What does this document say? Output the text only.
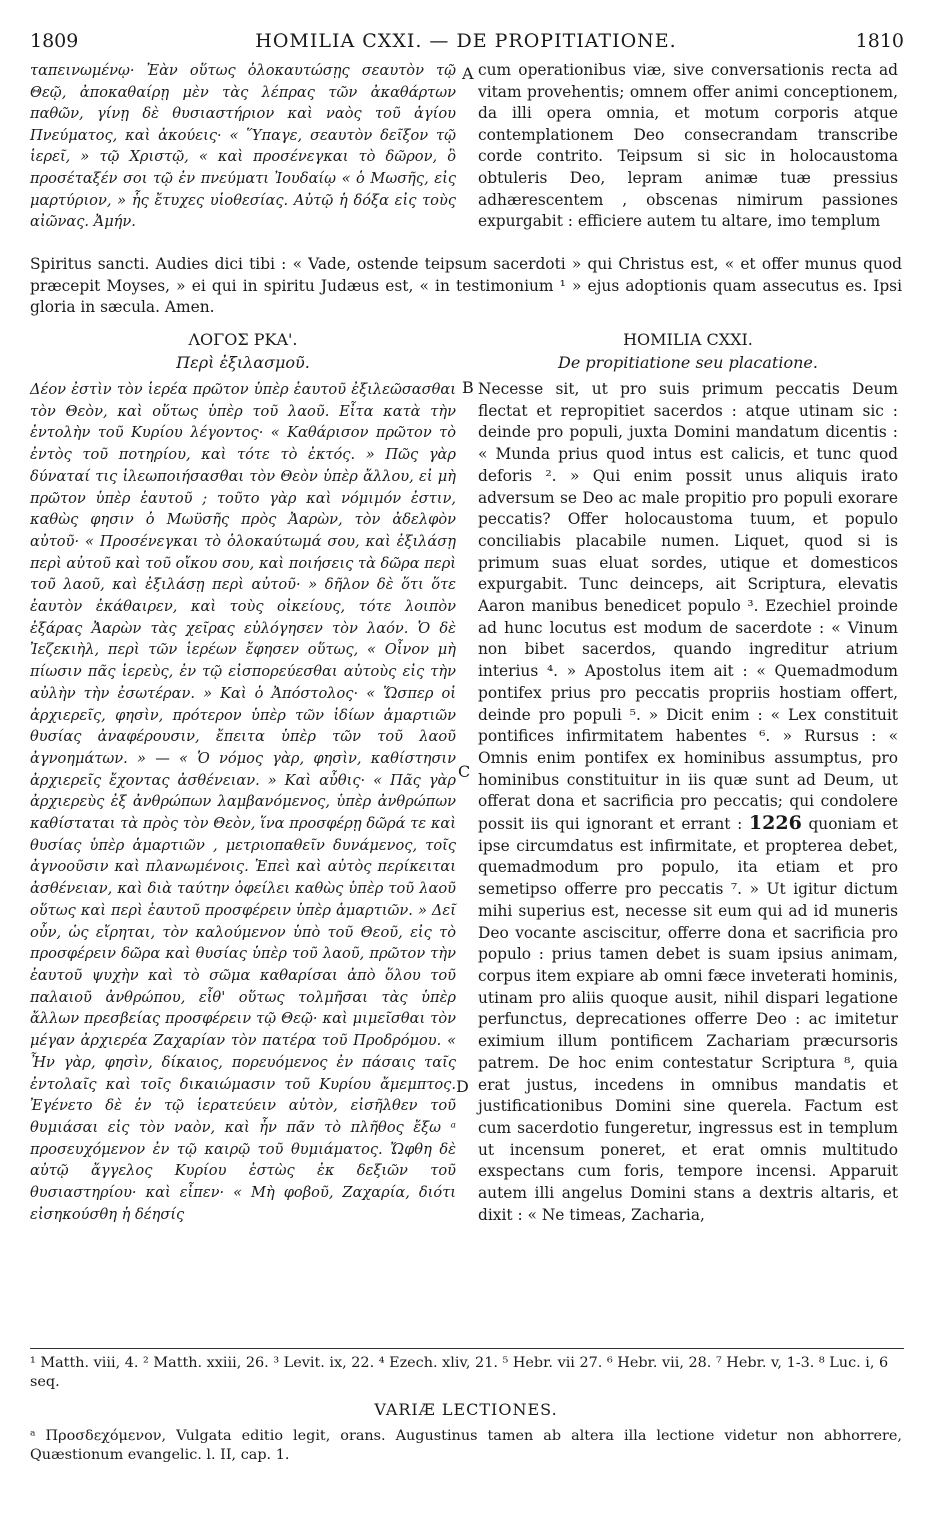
1809	HOMILIA CXXI. — DE PROPITIATIONE.	1810
ταπεινωμένῳ· Ἐὰν οὕτως ὁλοκαυτώσῃς σεαυτὸν τῷ Θεῷ, ἀποκαθαίρῃ μὲν τὰς λέπρας τῶν ἀκαθάρτων παθῶν, γίνῃ δὲ θυσιαστήριον καὶ ναὸς τοῦ ἁγίου Πνεύματος, καὶ ἀκούεις· « Ὕπαγε, σεαυτὸν δεῖξον τῷ ἱερεῖ, » τῷ Χριστῷ, « καὶ προσένεγκαι τὸ δῶρον, ὃ προσέταξέν σοι τῷ ἐν πνεύματι Ἰουδαίῳ « ὁ Μωσῆς, εἰς μαρτύριον, » ἧς ἔτυχες υἱοθεσίας. Αὐτῷ ἡ δόξα εἰς τοὺς αἰῶνας. Ἀμήν.
A cum operationibus viæ, sive conversationis recta ad vitam provehentis; omnem offer animi conceptionem, da illi opera omnia, et motum corporis atque contemplationem Deo consecrandam transcribe corde contrito. Teipsum si sic in holocaustoma obtuleris Deo, lepram animæ tuæ pressius adhærescentem , obscenas nimirum passiones expurgabit : efficiere autem tu altare, imo templum
Spiritus sancti. Audies dici tibi : « Vade, ostende teipsum sacerdoti » qui Christus est, « et offer munus quod præcepit Moyses, » ei qui in spiritu Judæus est, « in testimonium ¹ » ejus adoptionis quam assecutus es. Ipsi gloria in sæcula. Amen.
ΛΟΓΟΣ ΡΚΑ'.
Περὶ ἐξιλασμοῦ.
HOMILIA CXXI.
De propitiatione seu placatione.
Δέον ἐστὶν τὸν ἱερέα πρῶτον ὑπὲρ ἑαυτοῦ ἐξιλεῶσασθαι τὸν Θεὸν, καὶ οὕτως ὑπὲρ τοῦ λαοῦ. Εἶτα κατὰ τὴν ἐντολὴν τοῦ Κυρίου λέγοντος· « Καθάρισον πρῶτον τὸ ἐντὸς τοῦ ποτηρίου, καὶ τότε τὸ ἐκτός. » Πῶς γὰρ δύναταί τις ἱλεωποιήσασθαι τὸν Θεὸν ὑπὲρ ἄλλου, εἰ μὴ πρῶτον ὑπὲρ ἑαυτοῦ ; τοῦτο γὰρ καὶ νόμιμόν ἐστιν, καθὼς φησιν ὁ Μωϋσῆς πρὸς Ἀαρὼν, τὸν ἀδελφὸν αὐτοῦ· « Προσένεγκαι τὸ ὁλοκαύτωμά σου, καὶ ἐξιλάσῃ περὶ αὐτοῦ καὶ τοῦ οἴκου σου, καὶ ποιήσεις τὰ δῶρα περὶ τοῦ λαοῦ, καὶ ἐξιλάσῃ περὶ αὐτοῦ· » δῆλον δὲ ὅτι ὅτε ἑαυτὸν ἐκάθαιρεν, καὶ τοὺς οἰκείους, τότε λοιπὸν ἐξάρας Ἀαρὼν τὰς χεῖρας εὐλόγησεν τὸν λαόν. Ὁ δὲ Ἰεζεκιὴλ, περὶ τῶν ἱερέων ἔφησεν οὕτως, « Οἶνον μὴ πίωσιν πᾶς ἱερεὺς, ἐν τῷ εἰσπορεύεσθαι αὐτοὺς εἰς τὴν αὐλὴν τὴν ἐσωτέραν. » Καὶ ὁ Ἀπόστολος· « Ὥσπερ οἱ ἀρχιερεῖς, φησὶν, πρότερον ὑπὲρ τῶν ἰδίων ἁμαρτιῶν θυσίας ἀναφέρουσιν, ἔπειτα ὑπὲρ τῶν τοῦ λαοῦ ἀγνοημάτων. » — « Ὁ νόμος γὰρ, φησὶν, καθίστησιν ἀρχιερεῖς ἔχοντας ἀσθένειαν. » Καὶ αὖθις· « Πᾶς γὰρ ἀρχιερεὺς ἐξ ἀνθρώπων λαμβανόμενος, ὑπὲρ ἀνθρώπων καθίσταται τὰ πρὸς τὸν Θεὸν, ἵνα προσφέρῃ δῶρά τε καὶ θυσίας ὑπὲρ ἁμαρτιῶν , μετριοπαθεῖν δυνάμενος, τοῖς ἀγνοοῦσιν καὶ πλανωμένοις. Ἐπεὶ καὶ αὐτὸς περίκειται ἀσθένειαν, καὶ διὰ ταύτην ὀφείλει καθὼς ὑπὲρ τοῦ λαοῦ οὕτως καὶ περὶ ἑαυτοῦ προσφέρειν ὑπὲρ ἁμαρτιῶν. » Δεῖ οὖν, ὡς εἴρηται, τὸν καλούμενον ὑπὸ τοῦ Θεοῦ, εἰς τὸ προσφέρειν δῶρα καὶ θυσίας ὑπὲρ τοῦ λαοῦ, πρῶτον τὴν ἑαυτοῦ ψυχὴν καὶ τὸ σῶμα καθαρίσαι ἀπὸ ὅλου τοῦ παλαιοῦ ἀνθρώπου, εἶθ' οὕτως τολμῆσαι τὰς ὑπὲρ ἄλλων πρεσβείας προσφέρειν τῷ Θεῷ· καὶ μιμεῖσθαι τὸν μέγαν ἀρχιερέα Ζαχαρίαν τὸν πατέρα τοῦ Προδρόμου. « Ἦν γὰρ, φησὶν, δίκαιος, πορευόμενος ἐν πάσαις ταῖς ἐντολαῖς καὶ τοῖς δικαιώμασιν τοῦ Κυρίου ἄμεμπτος. Ἐγένετο δὲ ἐν τῷ ἱερατεύειν αὐτὸν, εἰσῆλθεν τοῦ θυμιάσαι εἰς τὸν ναὸν, καὶ ἦν πᾶν τὸ πλῆθος ἔξω ᵃ προσευχόμενον ἐν τῷ καιρῷ τοῦ θυμιάματος. Ὤφθη δὲ αὐτῷ ἄγγελος Κυρίου ἑστὼς ἐκ δεξιῶν τοῦ θυσιαστηρίου· καὶ εἶπεν· « Μὴ φοβοῦ, Ζαχαρία, διότι εἰσηκούσθη ἡ δέησίς
B
C
D
Necesse sit, ut pro suis primum peccatis Deum flectat et repropitiet sacerdos : atque utinam sic : deinde pro populi, juxta Domini mandatum dicentis : « Munda prius quod intus est calicis, et tunc quod deforis ². » Qui enim possit unus aliquis irato adversum se Deo ac male propitio pro populi exorare peccatis? Offer holocaustoma tuum, et populo conciliabis placabile numen. Liquet, quod si is primum suas eluat sordes, utique et domesticos expurgabit. Tunc deinceps, ait Scriptura, elevatis Aaron manibus benedicet populo ³. Ezechiel proinde ad hunc locutus est modum de sacerdote : « Vinum non bibet sacerdos, quando ingreditur atrium interius ⁴. » Apostolus item ait : « Quemadmodum pontifex prius pro peccatis propriis hostiam offert, deinde pro populi ⁵. » Dicit enim : « Lex constituit pontifices infirmitatem habentes ⁶. » Rursus : « Omnis enim pontifex ex hominibus assumptus, pro hominibus constituitur in iis quæ sunt ad Deum, ut offerat dona et sacrificia pro peccatis; qui condolere possit iis qui ignorant et errant : 1226 quoniam et ipse circumdatus est infirmitate, et propterea debet, quemadmodum pro populo, ita etiam et pro semetipso offerre pro peccatis ⁷. » Ut igitur dictum mihi superius est, necesse sit eum qui ad id muneris Deo vocante asciscitur, offerre dona et sacrificia pro populo : prius tamen debet is suam ipsius animam, corpus item expiare ab omni fæce inveterati hominis, utinam pro aliis quoque ausit, nihil dispari legatione perfunctus, deprecationes offerre Deo : ac imitetur eximium illum pontificem Zachariam præcursoris patrem. De hoc enim contestatur Scriptura ⁸, quia erat justus, incedens in omnibus mandatis et justificationibus Domini sine querela. Factum est cum sacerdotio fungeretur, ingressus est in templum ut incensum poneret, et erat omnis multitudo exspectans cum foris, tempore incensi. Apparuit autem illi angelus Domini stans a dextris altaris, et dixit : « Ne timeas, Zacharia,
¹ Matth. viii, 4. ² Matth. xxiii, 26. ³ Levit. ix, 22. ⁴ Ezech. xliv, 21. ⁵ Hebr. vii 27. ⁶ Hebr. vii, 28. ⁷ Hebr. v, 1-3. ⁸ Luc. i, 6 seq.
VARIÆ LECTIONES.
ᵃ Προσδεχόμενον, Vulgata editio legit, orans. Augustinus tamen ab altera illa lectione videtur non abhorrere, Quæstionum evangelic. l. II, cap. 1.
